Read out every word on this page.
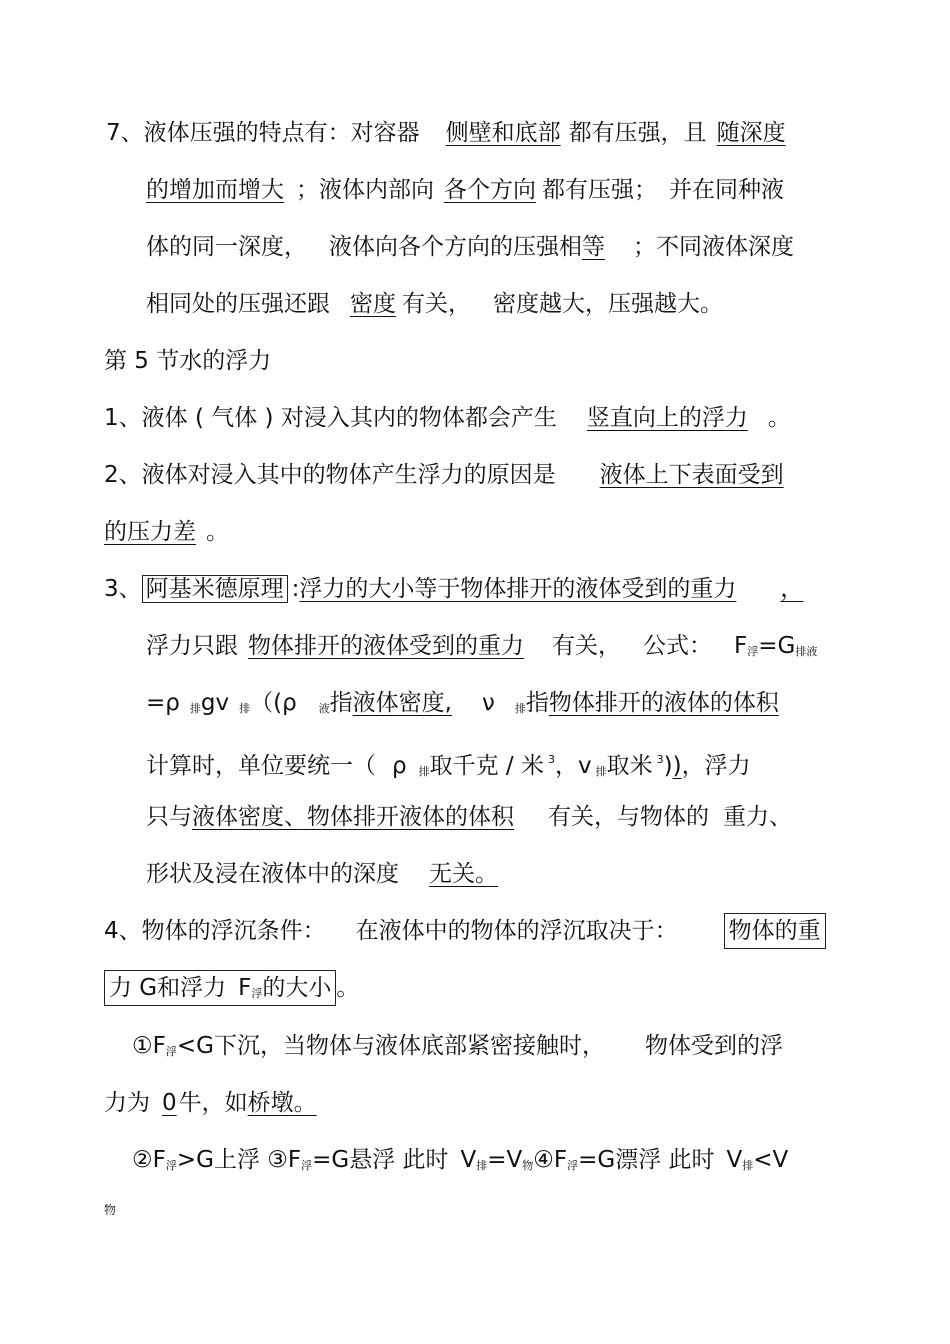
7、液体压强的特点有：对容器 侧壁和底部 都有压强，且 随深度
的增加而增大 ；液体内部向 各个方向 都有压强； 并在同种液
体的同一深度， 液体向各个方向的压强相等 ；不同液体深度
相同处的压强还跟 密度 有关， 密度越大，压强越大。
第 5 节水的浮力
1、液体 ( 气体 ) 对浸入其内的物体都会产生 竖直向上的浮力 。
2、液体对浸入其中的物体产生浮力的原因是 液体上下表面受到
的压力差 。
3、 阿基米德原理 :浮力的大小等于物体排开的液体受到的重力 ，
浮力只跟 物体排开的液体受到的重力 有关， 公式： $F_浮=G_{排液}$
=ρ $_排$gv $_排$（(ρ $_液$指液体密度, ν $_排$指物体排开的液体的体积
计算时，单位要统一（ ρ $_排$取千克 / 米 $^3$，v $_排$取米 $^3$))，浮力
只与液体密度、物体排开液体的体积 有关，与物体的 重力、
形状及浸在液体中的深度 无关。
4、物体的浮沉条件： 在液体中的物体的浮沉取决于： 物体的重
力 G和浮力 $F_浮$的大小 。
$①F_浮<G$下沉，当物体与液体底部紧密接触时， 物体受到的浮
力为 0牛，如桥墩。
$②F_浮>G$上浮 $③F_浮=G$悬浮 此时 $V_排=V_物④F_浮=G$漂浮 此时 $V_排<V$
物
